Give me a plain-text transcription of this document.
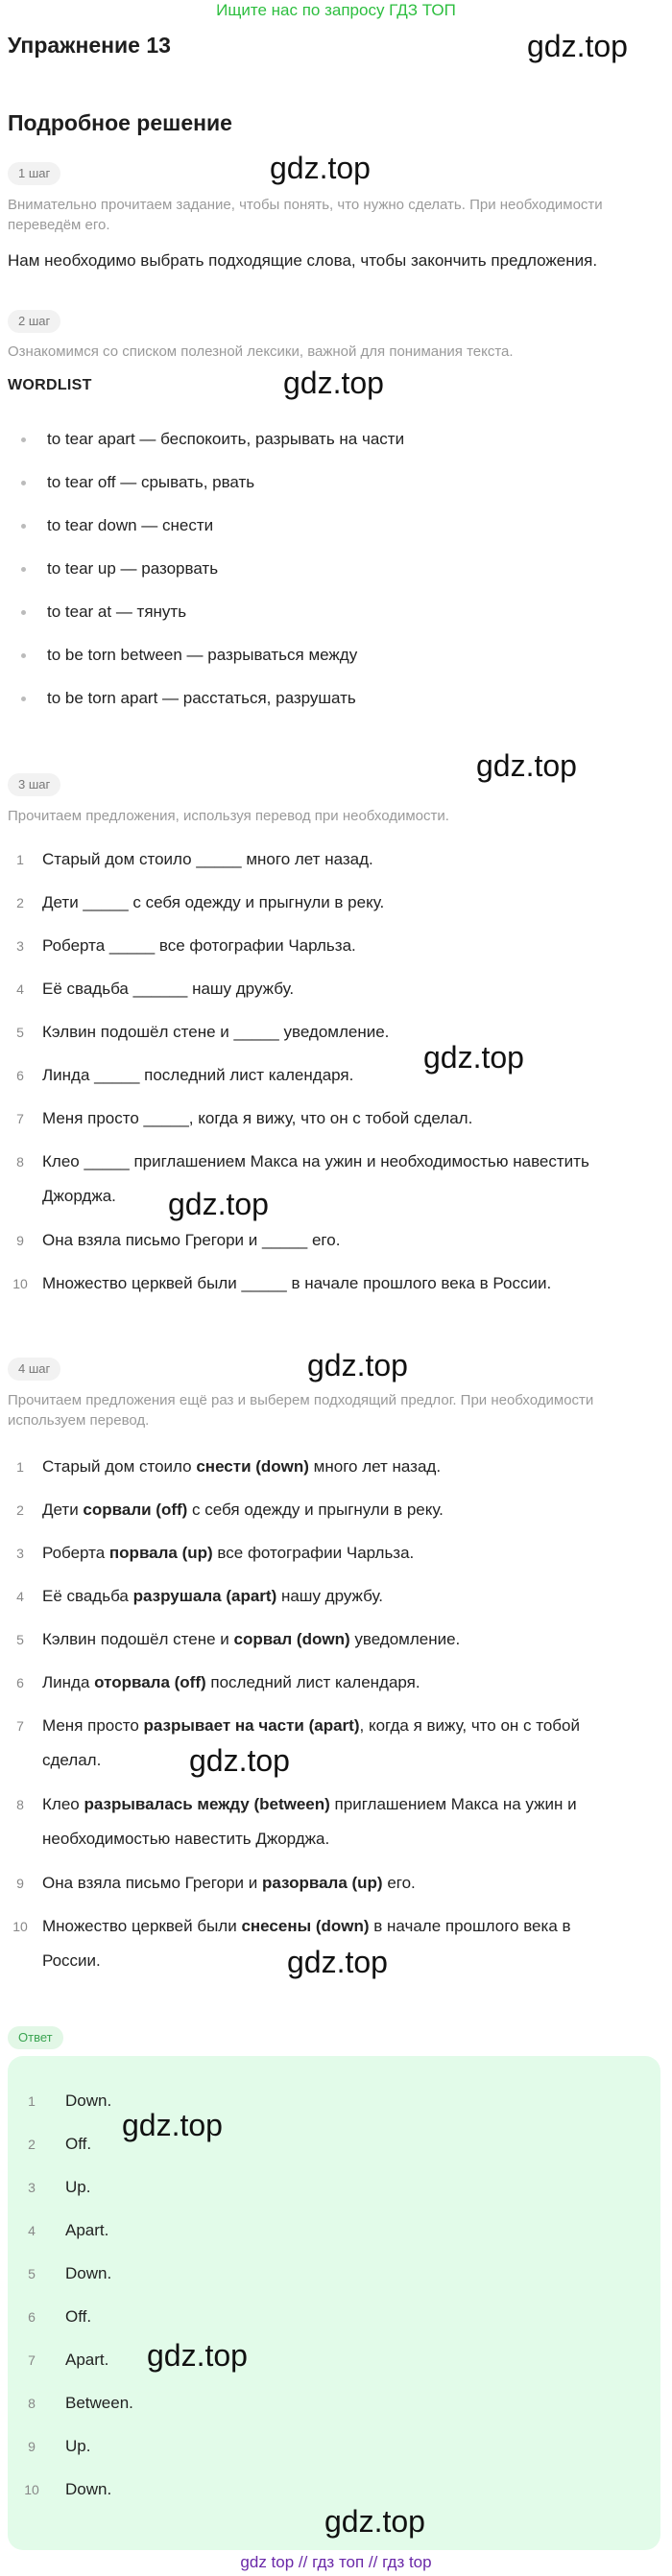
Ищите нас по запросу ГДЗ ТОП
gdz.top
gdz.top
gdz.top
gdz.top
gdz.top
gdz.top
gdz.top
gdz.top
gdz.top
Упражнение 13
Подробное решение
1 шаг
Внимательно прочитаем задание, чтобы понять, что нужно сделать. При необходимости переведём его.
Нам необходимо выбрать подходящие слова, чтобы закончить предложения.
2 шаг
Ознакомимся со списком полезной лексики, важной для понимания текста.
WORDLIST
to tear apart — беспокоить, разрывать на части
to tear off — срывать, рвать
to tear down — снести
to tear up — разорвать
to tear at — тянуть
to be torn between — разрываться между
to be torn apart — расстаться, разрушать
3 шаг
Прочитаем предложения, используя перевод при необходимости.
1	Старый дом стоило _____ много лет назад.
2	Дети _____ с себя одежду и прыгнули в реку.
3	Роберта _____ все фотографии Чарльза.
4	Её свадьба ______ нашу дружбу.
5	Кэлвин подошёл стене и _____ уведомление.
6	Линда _____ последний лист календаря.
7	Меня просто _____, когда я вижу, что он с тобой сделал.
8	Клео _____ приглашением Макса на ужин и необходимостью навестить
Джорджа.
9	Она взяла письмо Грегори и _____ его.
10 Множество церквей были _____ в начале прошлого века в России.
4 шаг
Прочитаем предложения ещё раз и выберем подходящий предлог. При необходимости используем перевод.
1	Старый дом стоило снести (down) много лет назад.
2	Дети сорвали (off) с себя одежду и прыгнули в реку.
3	Роберта порвала (up) все фотографии Чарльза.
4	Её свадьба разрушала (apart) нашу дружбу.
5	Кэлвин подошёл стене и сорвал (down) уведомление.
6	Линда оторвала (off) последний лист календаря.
7	Меня просто разрывает на части (apart), когда я вижу, что он с тобой
сделал.
8	Клео разрывалась между (between) приглашением Макса на ужин и
необходимостью навестить Джорджа.
9	Она взяла письмо Грегори и разорвала (up) его.
10 Множество церквей были снесены (down) в начале прошлого века в
России.
Ответ
1	Down.
2	Off.
3	Up.
4	Apart.
5	Down.
6	Off.
7	Apart.
8	Between.
9	Up.
10 Down.
gdz.top
gdz.top
gdz.top
gdz top // гдз топ // гдз top
